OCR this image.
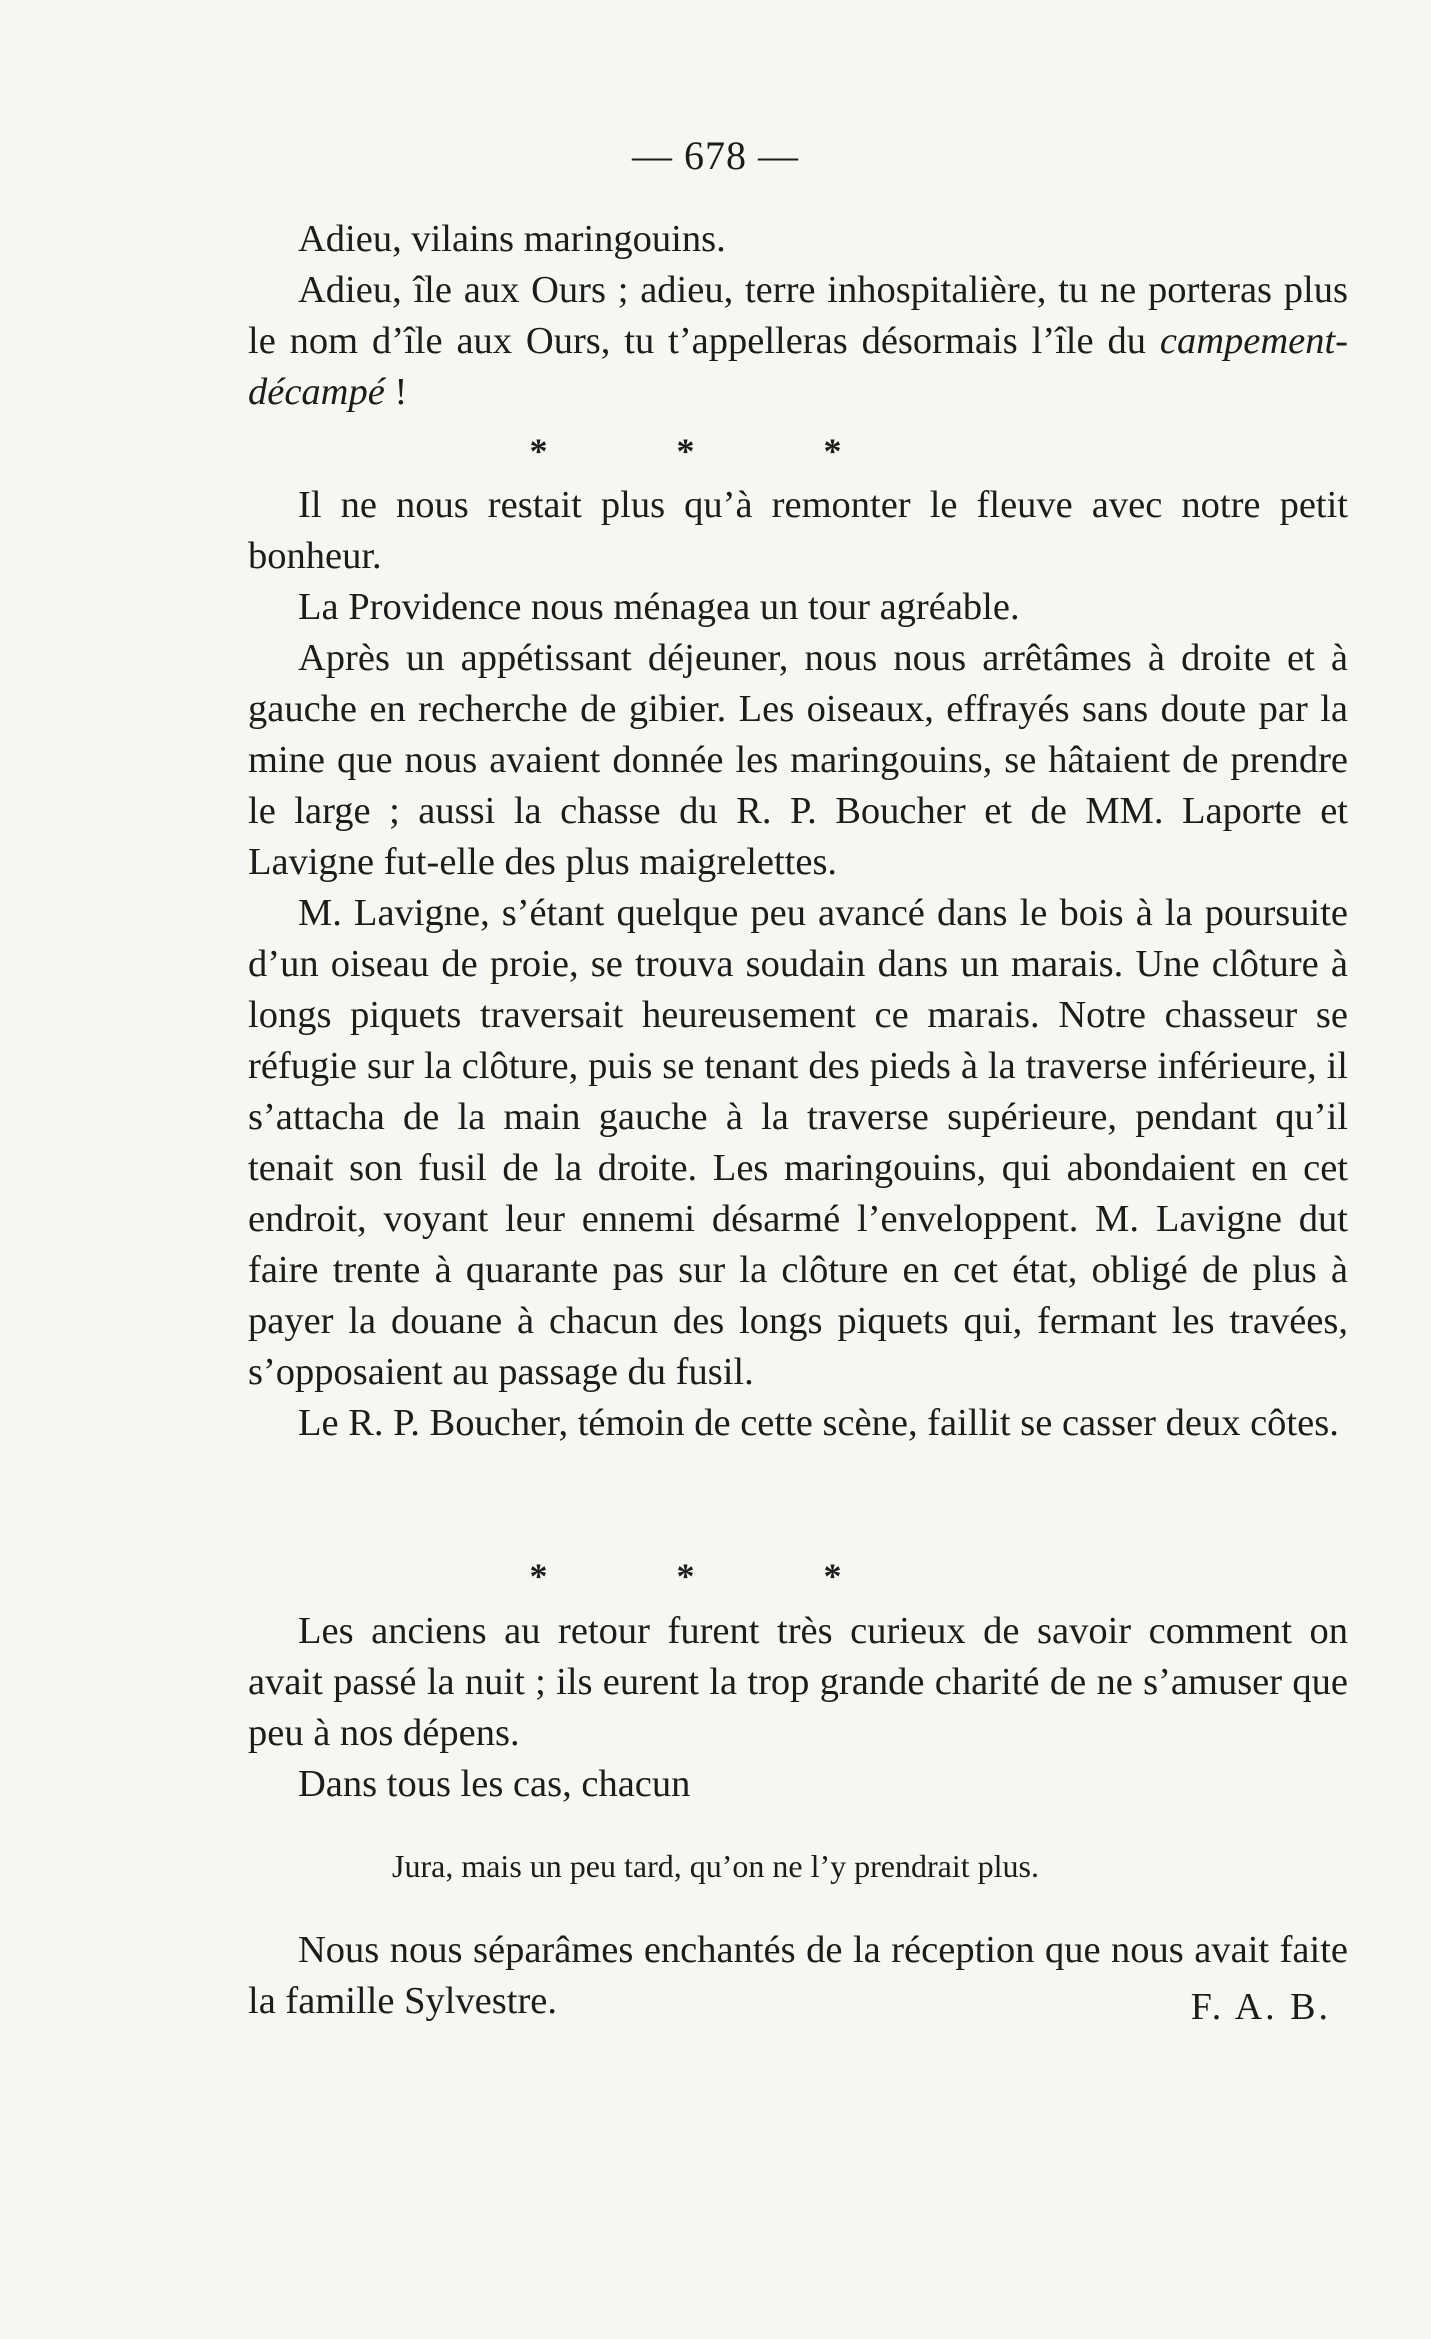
— 678 —

Adieu, vilains maringouins.

Adieu, île aux Ours ; adieu, terre inhospitalière, tu ne porteras plus le nom d’île aux Ours, tu t’appelleras désormais l’île du campement-décampé !

* * *

Il ne nous restait plus qu’à remonter le fleuve avec notre petit bonheur.

La Providence nous ménagea un tour agréable.

Après un appétissant déjeuner, nous nous arrêtâmes à droite et à gauche en recherche de gibier. Les oiseaux, effrayés sans doute par la mine que nous avaient donnée les maringouins, se hâtaient de prendre le large ; aussi la chasse du R. P. Boucher et de MM. Laporte et Lavigne fut-elle des plus maigrelettes.

M. Lavigne, s’étant quelque peu avancé dans le bois à la poursuite d’un oiseau de proie, se trouva soudain dans un marais. Une clôture à longs piquets traversait heureusement ce marais. Notre chasseur se réfugie sur la clôture, puis se tenant des pieds à la traverse inférieure, il s’attacha de la main gauche à la traverse supérieure, pendant qu’il tenait son fusil de la droite. Les maringouins, qui abondaient en cet endroit, voyant leur ennemi désarmé l’enveloppent. M. Lavigne dut faire trente à quarante pas sur la clôture en cet état, obligé de plus à payer la douane à chacun des longs piquets qui, fermant les travées, s’opposaient au passage du fusil.

Le R. P. Boucher, témoin de cette scène, faillit se casser deux côtes.

* * *

Les anciens au retour furent très curieux de savoir comment on avait passé la nuit ; ils eurent la trop grande charité de ne s’amuser que peu à nos dépens.

Dans tous les cas, chacun

Jura, mais un peu tard, qu’on ne l’y prendrait plus.

Nous nous séparâmes enchantés de la réception que nous avait faite la famille Sylvestre.	F. A. B.
